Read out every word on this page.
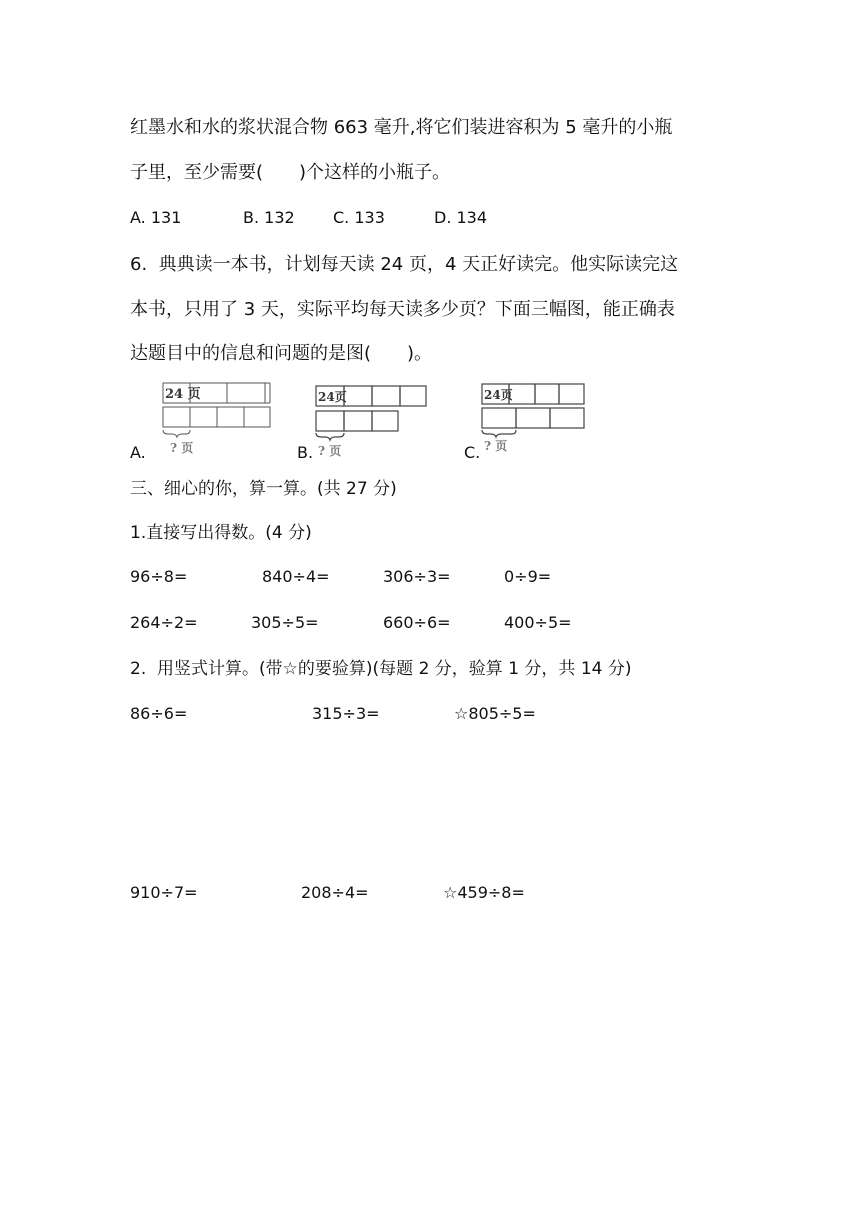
红墨水和水的浆状混合物 663 毫升,将它们装进容积为 5 毫升的小瓶
子里，至少需要(　　)个这样的小瓶子。
A. 131	B. 132 C. 133	D. 134
6.  典典读一本书，计划每天读 24 页，4 天正好读完。他实际读完这
本书，只用了 3 天，实际平均每天读多少页？下面三幅图，能正确表
达题目中的信息和问题的是图(　　)。
A.
24 页
? 页	B.
24页
? 页	C.
24页
? 页
三、细心的你，算一算。(共 27 分)
1.直接写出得数。(4 分)
96÷8=	840÷4=	306÷3=	0÷9=
264÷2=	305÷5=	660÷6=	400÷5=
2.  用竖式计算。(带☆的要验算)(每题 2 分，验算 1 分，共 14 分)
86÷6=	315÷3=	☆805÷5=
910÷7=	208÷4=	☆459÷8=
